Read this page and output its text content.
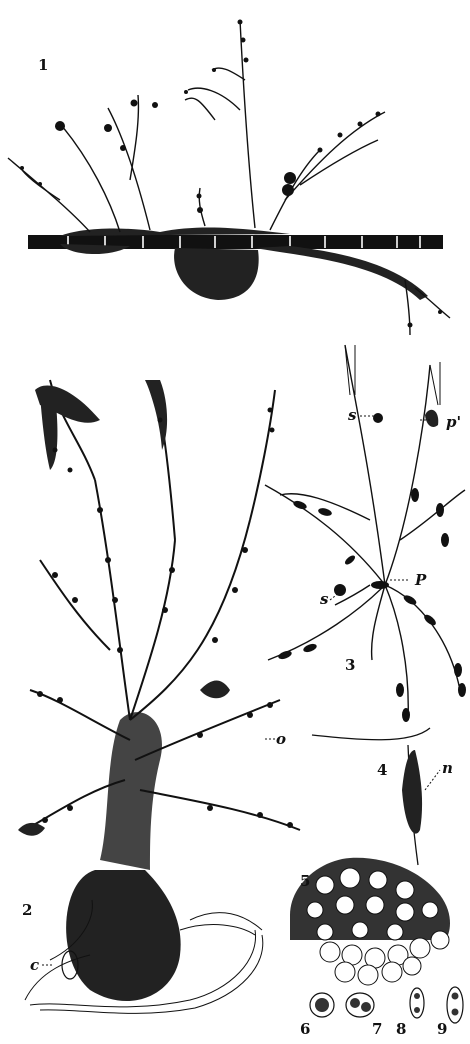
1
2
3
4
5
6	7 8 9
s	p'
P
s
n
o
c
